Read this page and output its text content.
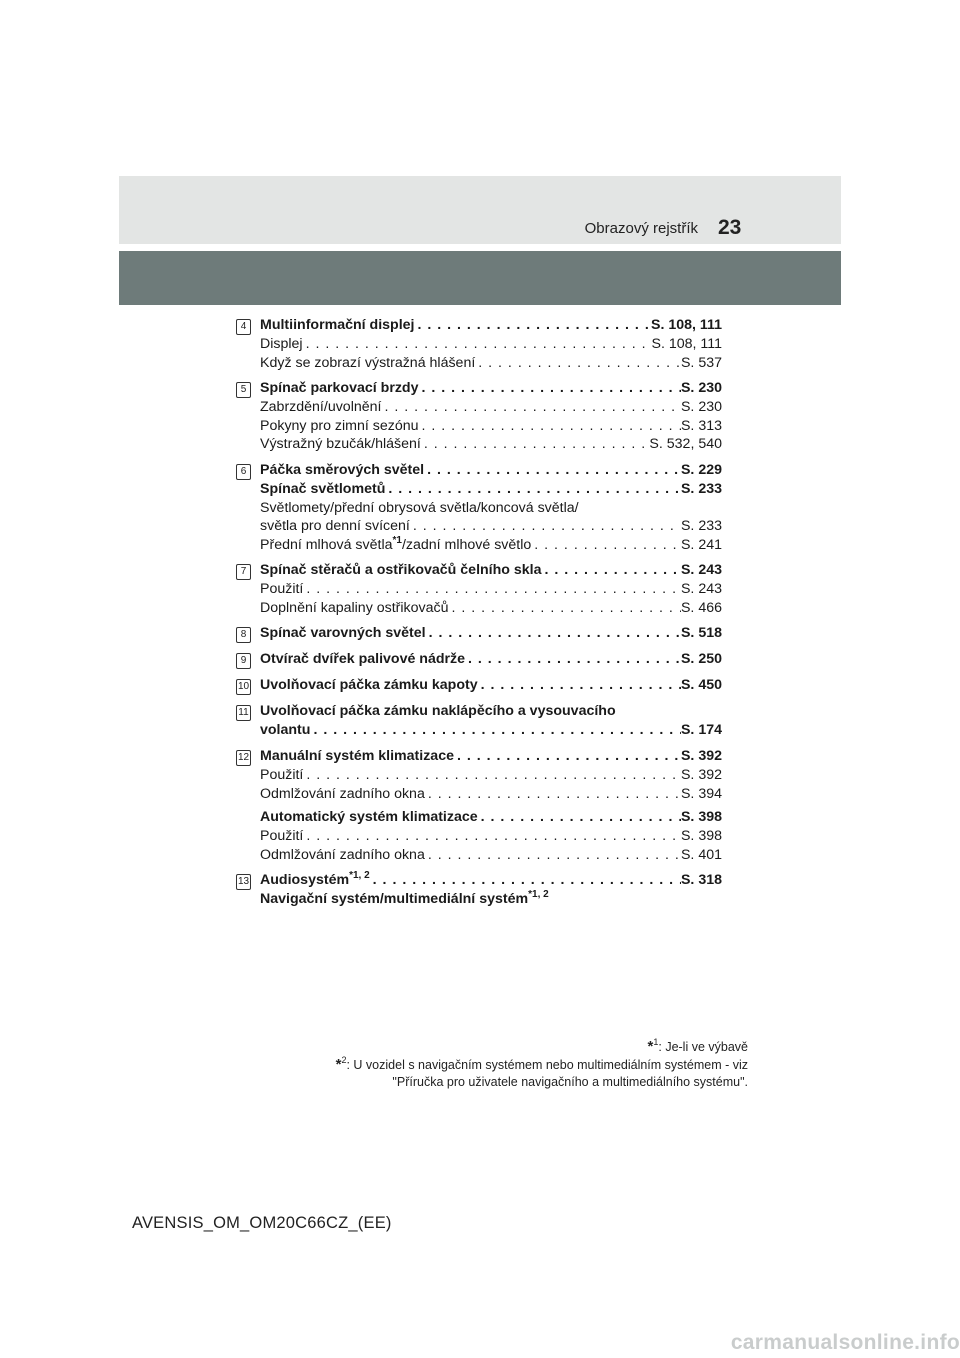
Obrazový rejstřík 23
4 Multiinformační displej . . .	S. 108, 111
Displej . . .	S. 108, 111
Když se zobrazí výstražná hlášení . . .	S. 537
5 Spínač parkovací brzdy . . .	S. 230
Zabrzdění/uvolnění . . .	S. 230
Pokyny pro zimní sezónu . . .	S. 313
Výstražný bzučák/hlášení . . .	S. 532, 540
6 Páčka směrových světel . . .	S. 229
Spínač světlometů . . .	S. 233
Světlomety/přední obrysová světla/koncová světla/
světla pro denní svícení . . .	S. 233
Přední mlhová světla$^{*1}$/zadní mlhové světlo . . .	S. 241
7 Spínač stěračů a ostřikovačů čelního skla . . .	S. 243
Použití . . .	S. 243
Doplnění kapaliny ostřikovačů . . .	S. 466
8 Spínač varovných světel . . .	S. 518
9 Otvírač dvířek palivové nádrže . . .	S. 250
10 Uvolňovací páčka zámku kapoty . . .	S. 450
11 Uvolňovací páčka zámku naklápěcího a vysouvacího
volantu . . .	S. 174
12 Manuální systém klimatizace . . .	S. 392
Použití . . .	S. 392
Odmlžování zadního okna . . .	S. 394
Automatický systém klimatizace . . .	S. 398
Použití . . .	S. 398
Odmlžování zadního okna . . .	S. 401
13 Audiosystém$^{*1, 2}$ . . .	S. 318
Navigační systém/multimediální systém$^{*1, 2}$
*$^1$: Je-li ve výbavě
*$^2$: U vozidel s navigačním systémem nebo multimediálním systémem - viz
"Příručka pro uživatele navigačního a multimediálního systému".
AVENSIS_OM_OM20C66CZ_(EE)
carmanualsonline.info
